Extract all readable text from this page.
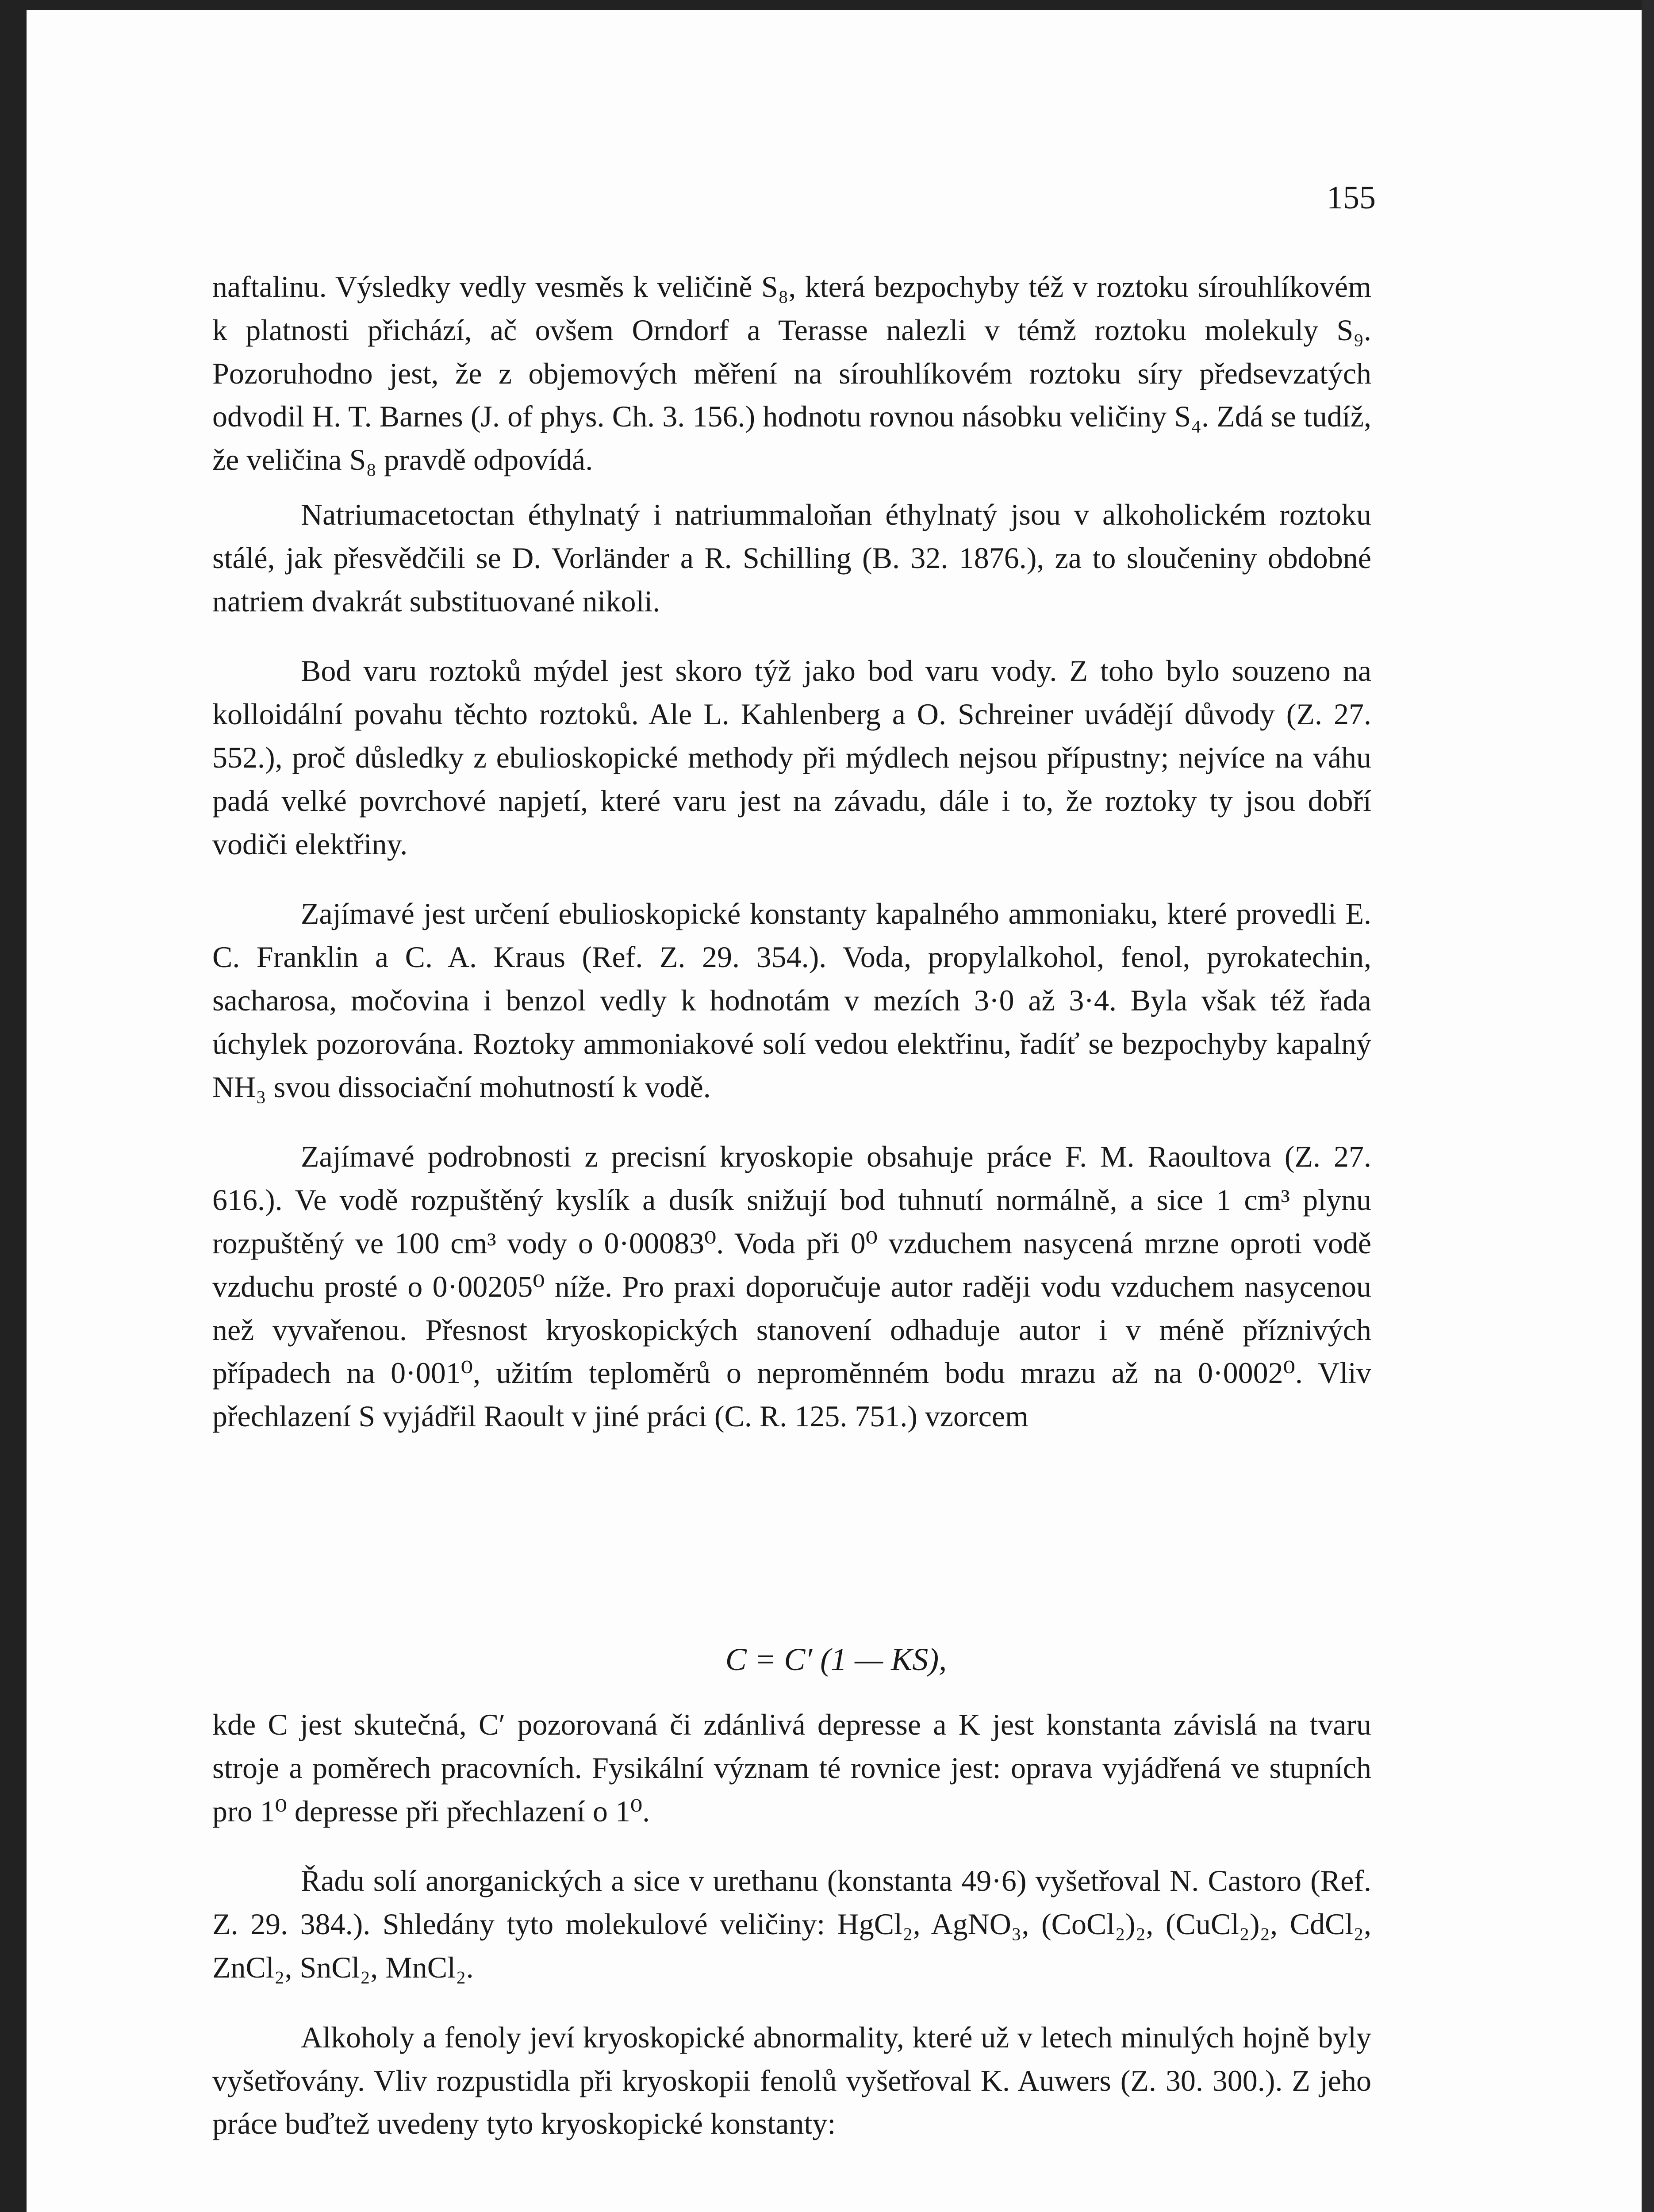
155

naftalinu. Výsledky vedly vesměs k veličině S₈, která bezpochyby též v roztoku sírouhlíkovém k platnosti přichází, ač ovšem Orndorf a Terasse nalezli v témž roztoku molekuly S₉. Pozoruhodno jest, že z objemových měření na sírouhlíkovém roztoku síry předsevzatých odvodil H. T. Barnes (J. of phys. Ch. 3. 156.) hodnotu rovnou násobku veličiny S₄. Zdá se tudíž, že veličina S₈ pravdě odpovídá.

Natriumacetoctan éthylnatý i natriummaloňan éthylnatý jsou v alkoholickém roztoku stálé, jak přesvědčili se D. Vorländer a R. Schilling (B. 32. 1876.), za to sloučeniny obdobné natriem dvakrát substituované nikoli.

Bod varu roztoků mýdel jest skoro týž jako bod varu vody. Z toho bylo souzeno na kolloidální povahu těchto roztoků. Ale L. Kahlenberg a O. Schreiner uvádějí důvody (Z. 27. 552.), proč důsledky z ebulioskopické methody při mýdlech nejsou přípustny; nejvíce na váhu padá velké povrchové napjetí, které varu jest na závadu, dále i to, že roztoky ty jsou dobří vodiči elektřiny.

Zajímavé jest určení ebulioskopické konstanty kapalného ammoniaku, které provedli E. C. Franklin a C. A. Kraus (Ref. Z. 29. 354.). Voda, propylalkohol, fenol, pyrokatechin, sacharosa, močovina i benzol vedly k hodnotám v mezích 3·0 až 3·4. Byla však též řada úchylek pozorována. Roztoky ammoniakové solí vedou elektřinu, řadíť se bezpochyby kapalný NH₃ svou dissociační mohutností k vodě.

Zajímavé podrobnosti z precisní kryoskopie obsahuje práce F. M. Raoultova (Z. 27. 616.). Ve vodě rozpuštěný kyslík a dusík snižují bod tuhnutí normálně, a sice 1 cm³ plynu rozpuštěný ve 100 cm³ vody o 0·00083⁰. Voda při 0⁰ vzduchem nasycená mrzne oproti vodě vzduchu prosté o 0·00205⁰ níže. Pro praxi doporučuje autor raději vodu vzduchem nasycenou než vyvařenou. Přesnost kryoskopických stanovení odhaduje autor i v méně příznivých případech na 0·001⁰, užitím teploměrů o nepromĕnném bodu mrazu až na 0·0002⁰. Vliv přechlazení S vyjádřil Raoult v jiné práci (C. R. 125. 751.) vzorcem

C = C′ (1 — KS),

kde C jest skutečná, C′ pozorovaná či zdánlivá depresse a K jest konstanta závislá na tvaru stroje a poměrech pracovních. Fysikální význam té rovnice jest: oprava vyjádřená ve stupních pro 1⁰ depresse při přechlazení o 1⁰.

Řadu solí anorganických a sice v urethanu (konstanta 49·6) vyšetřoval N. Castoro (Ref. Z. 29. 384.). Shledány tyto molekulové veličiny: HgCl₂, AgNO₃, (CoCl₂)₂, (CuCl₂)₂, CdCl₂, ZnCl₂, SnCl₂, MnCl₂.

Alkoholy a fenoly jeví kryoskopické abnormality, které už v letech minulých hojně byly vyšetřovány. Vliv rozpustidla při kryoskopii fenolů vyšetřoval K. Auwers (Z. 30. 300.). Z jeho práce buďtež uvedeny tyto kryoskopické konstanty:
